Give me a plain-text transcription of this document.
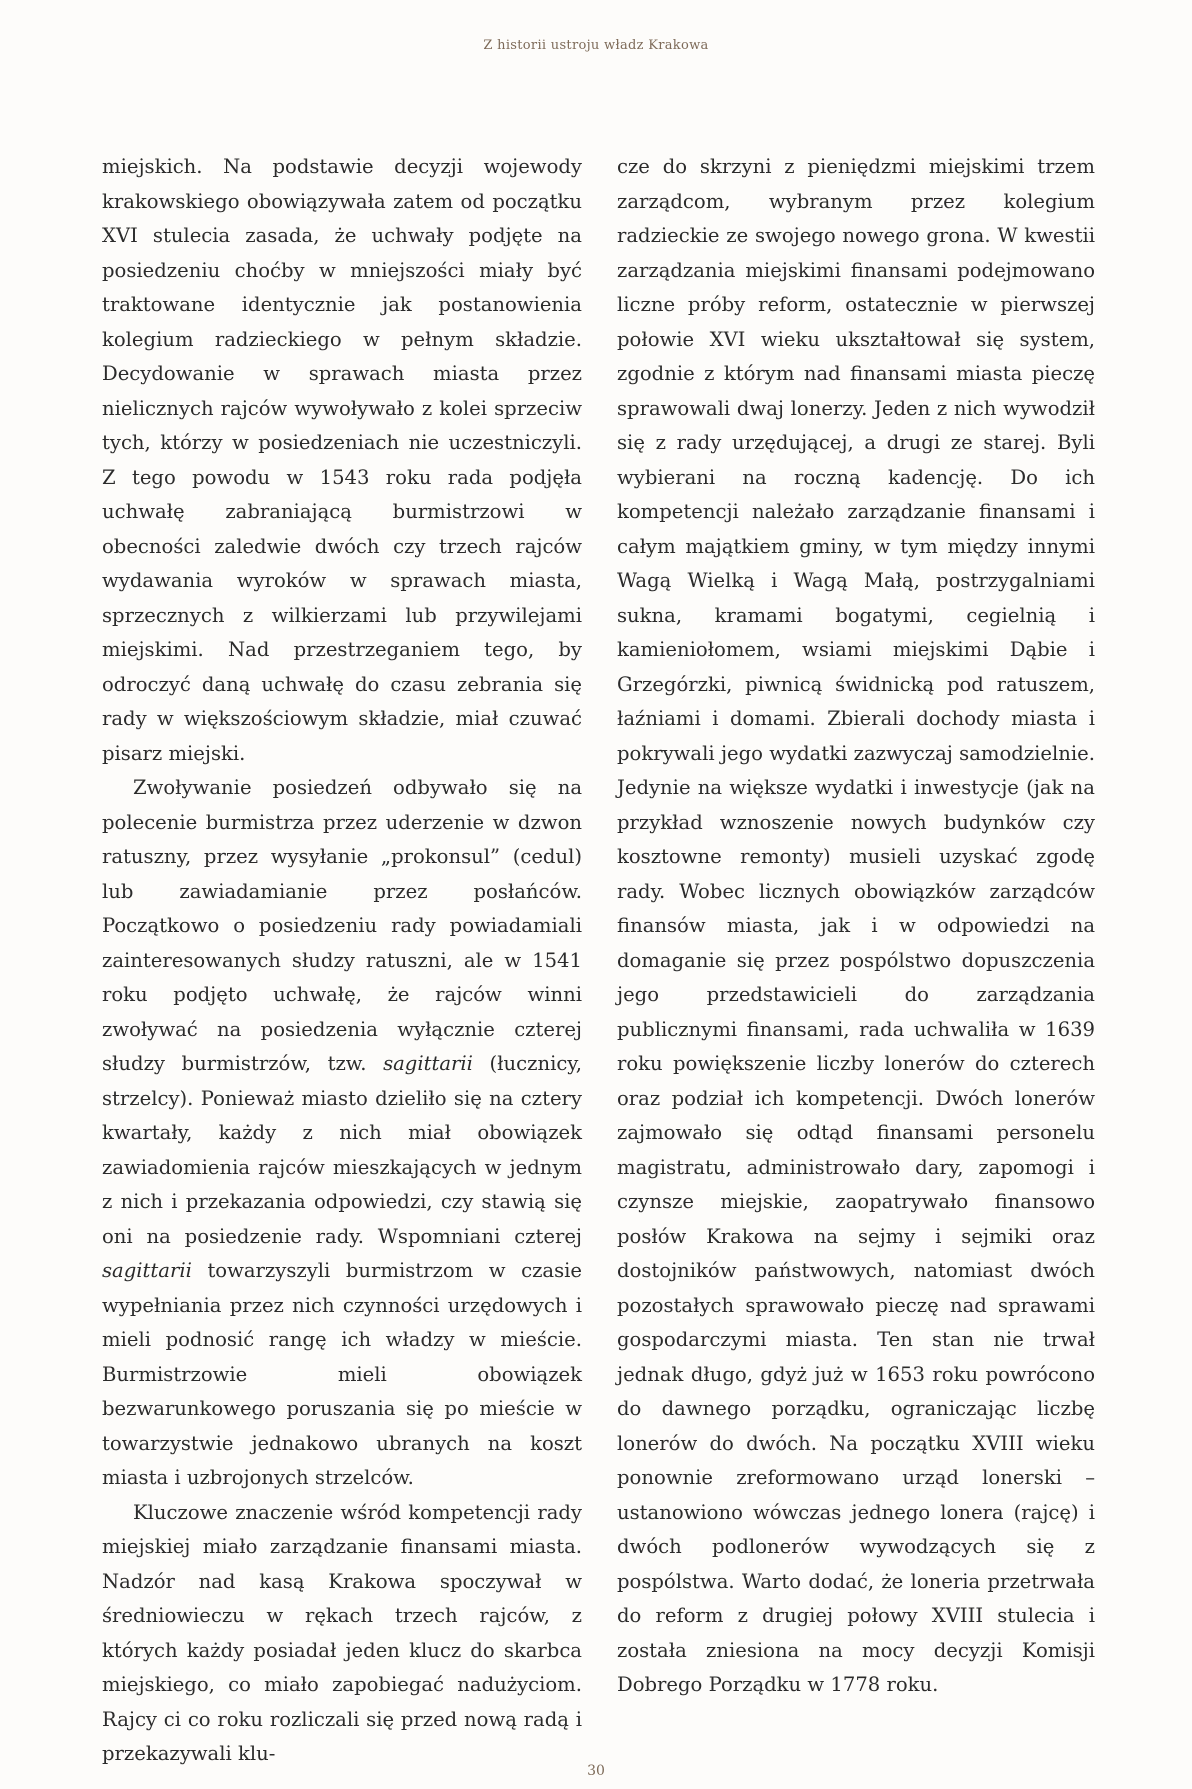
Z historii ustroju władz Krakowa

miejskich. Na podstawie decyzji wojewody krakowskiego obowiązywała zatem od początku XVI stulecia zasada, że uchwały podjęte na posiedzeniu choćby w mniejszości miały być traktowane identycznie jak postanowienia kolegium radzieckiego w pełnym składzie. Decydowanie w sprawach miasta przez nielicznych rajców wywoływało z kolei sprzeciw tych, którzy w posiedzeniach nie uczestniczyli. Z tego powodu w 1543 roku rada podjęła uchwałę zabraniającą burmistrzowi w obecności zaledwie dwóch czy trzech rajców wydawania wyroków w sprawach miasta, sprzecznych z wilkierzami lub przywilejami miejskimi. Nad przestrzeganiem tego, by odroczyć daną uchwałę do czasu zebrania się rady w większościowym składzie, miał czuwać pisarz miejski.

Zwoływanie posiedzeń odbywało się na polecenie burmistrza przez uderzenie w dzwon ratuszny, przez wysyłanie „prokonsul” (cedul) lub zawiadamianie przez posłańców. Początkowo o posiedzeniu rady powiadamiali zainteresowanych słudzy ratuszni, ale w 1541 roku podjęto uchwałę, że rajców winni zwoływać na posiedzenia wyłącznie czterej słudzy burmistrzów, tzw. sagittarii (łucznicy, strzelcy). Ponieważ miasto dzieliło się na cztery kwartały, każdy z nich miał obowiązek zawiadomienia rajców mieszkających w jednym z nich i przekazania odpowiedzi, czy stawią się oni na posiedzenie rady. Wspomniani czterej sagittarii towarzyszyli burmistrzom w czasie wypełniania przez nich czynności urzędowych i mieli podnosić rangę ich władzy w mieście. Burmistrzowie mieli obowiązek bezwarunkowego poruszania się po mieście w towarzystwie jednakowo ubranych na koszt miasta i uzbrojonych strzelców.

Kluczowe znaczenie wśród kompetencji rady miejskiej miało zarządzanie finansami miasta. Nadzór nad kasą Krakowa spoczywał w średniowieczu w rękach trzech rajców, z których każdy posiadał jeden klucz do skarbca miejskiego, co miało zapobiegać nadużyciom. Rajcy ci co roku rozliczali się przed nową radą i przekazywali klu-

cze do skrzyni z pieniędzmi miejskimi trzem zarządcom, wybranym przez kolegium radzieckie ze swojego nowego grona. W kwestii zarządzania miejskimi finansami podejmowano liczne próby reform, ostatecznie w pierwszej połowie XVI wieku ukształtował się system, zgodnie z którym nad finansami miasta pieczę sprawowali dwaj lonerzy. Jeden z nich wywodził się z rady urzędującej, a drugi ze starej. Byli wybierani na roczną kadencję. Do ich kompetencji należało zarządzanie finansami i całym majątkiem gminy, w tym między innymi Wagą Wielką i Wagą Małą, postrzygalniami sukna, kramami bogatymi, cegielnią i kamieniołomem, wsiami miejskimi Dąbie i Grzegórzki, piwnicą świdnicką pod ratuszem, łaźniami i domami. Zbierali dochody miasta i pokrywali jego wydatki zazwyczaj samodzielnie. Jedynie na większe wydatki i inwestycje (jak na przykład wznoszenie nowych budynków czy kosztowne remonty) musieli uzyskać zgodę rady. Wobec licznych obowiązków zarządców finansów miasta, jak i w odpowiedzi na domaganie się przez pospólstwo dopuszczenia jego przedstawicieli do zarządzania publicznymi finansami, rada uchwaliła w 1639 roku powiększenie liczby lonerów do czterech oraz podział ich kompetencji. Dwóch lonerów zajmowało się odtąd finansami personelu magistratu, administrowało dary, zapomogi i czynsze miejskie, zaopatrywało finansowo posłów Krakowa na sejmy i sejmiki oraz dostojników państwowych, natomiast dwóch pozostałych sprawowało pieczę nad sprawami gospodarczymi miasta. Ten stan nie trwał jednak długo, gdyż już w 1653 roku powrócono do dawnego porządku, ograniczając liczbę lonerów do dwóch. Na początku XVIII wieku ponownie zreformowano urząd lonerski – ustanowiono wówczas jednego lonera (rajcę) i dwóch podlonerów wywodzących się z pospólstwa. Warto dodać, że loneria przetrwała do reform z drugiej połowy XVIII stulecia i została zniesiona na mocy decyzji Komisji Dobrego Porządku w 1778 roku.

30
